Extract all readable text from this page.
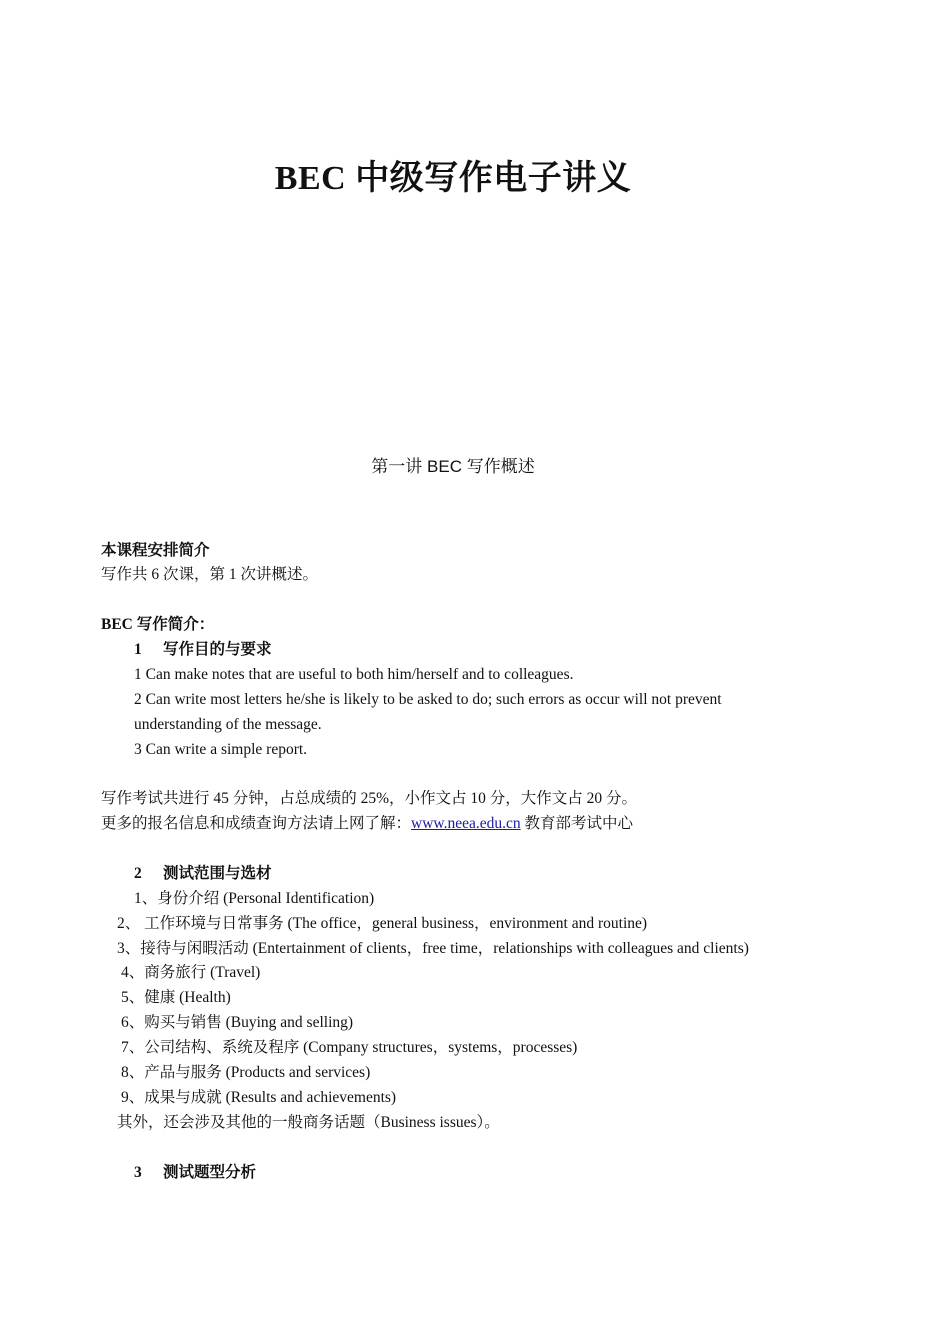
BEC 中级写作电子讲义
第一讲 BEC 写作概述
本课程安排简介
写作共 6 次课，第 1 次讲概述。
BEC 写作简介：
1 写作目的与要求
1 Can make notes that are useful to both him/herself and to colleagues.
2 Can write most letters he/she is likely to be asked to do; such errors as occur will not prevent
understanding of the message.
3 Can write a simple report.
写作考试共进行 45 分钟，占总成绩的 25%，小作文占 10 分，大作文占 20 分。
更多的报名信息和成绩查询方法请上网了解：www.neea.edu.cn 教育部考试中心
2 测试范围与选材
1、身份介绍 (Personal Identification)
2、 工作环境与日常事务 (The office，general business，environment and routine)
3、接待与闲暇活动 (Entertainment of clients，free time，relationships with colleagues and clients)
4、商务旅行 (Travel)
5、健康 (Health)
6、购买与销售 (Buying and selling)
7、公司结构、系统及程序 (Company structures，systems，processes)
8、产品与服务 (Products and services)
9、成果与成就 (Results and achievements)
其外，还会涉及其他的一般商务话题（Business issues）。
3 测试题型分析
